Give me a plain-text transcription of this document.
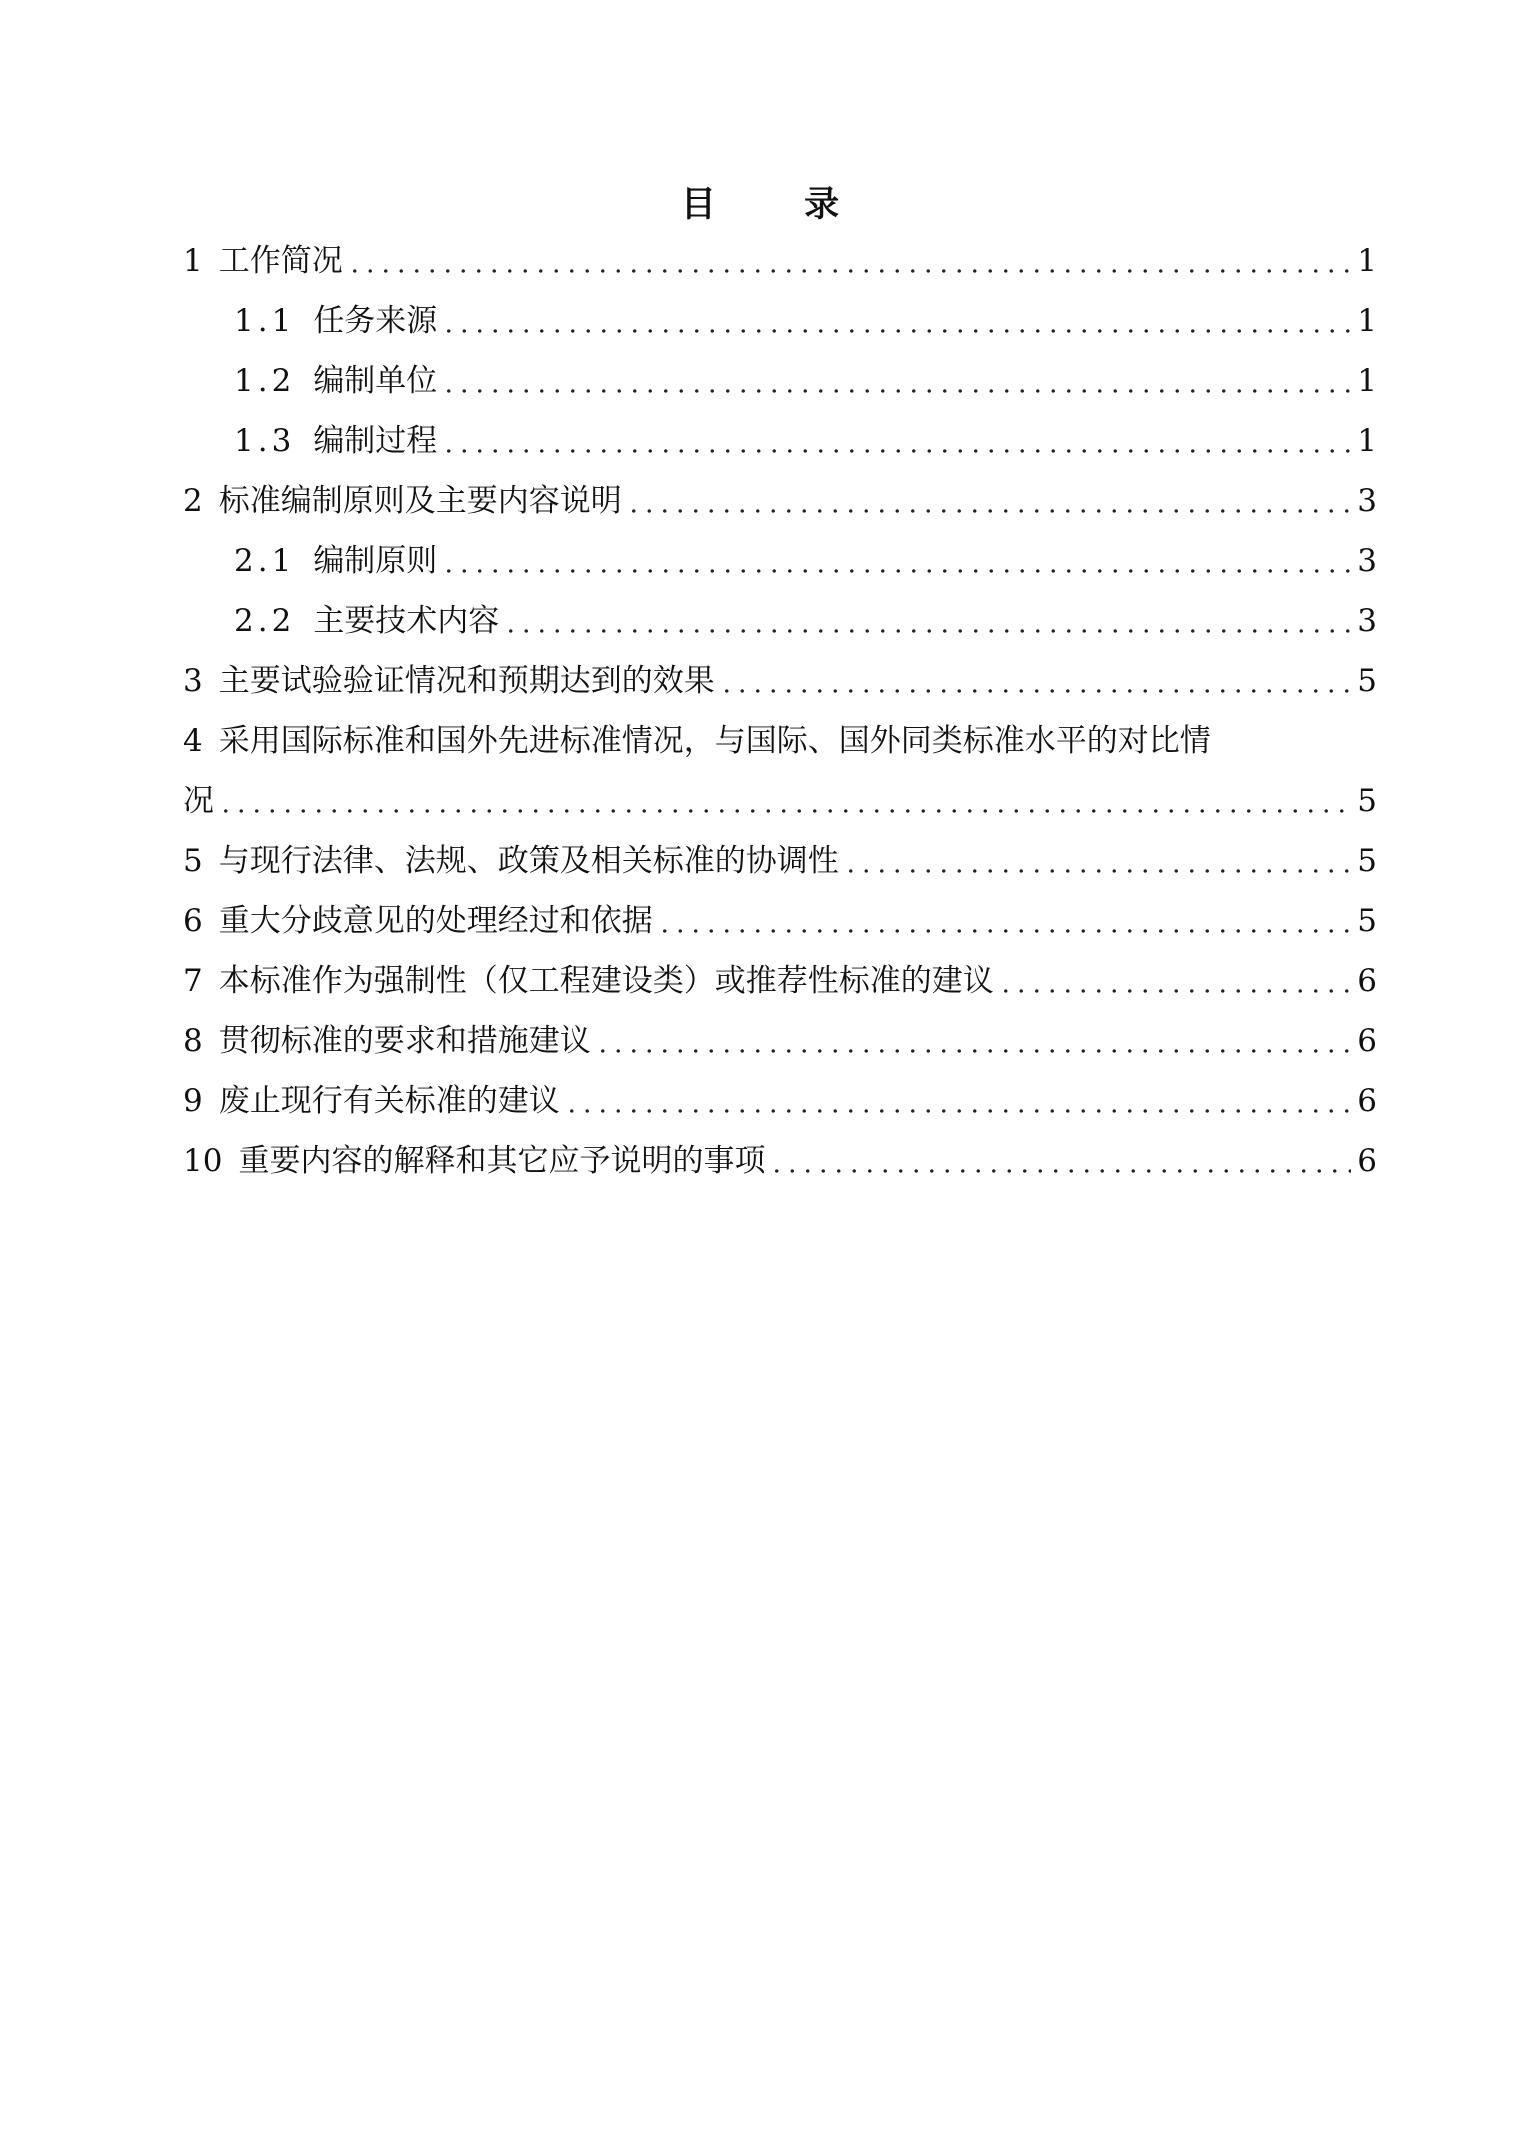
目 录
1 工作简况	1
1.1 任务来源	1
1.2 编制单位	1
1.3 编制过程	1
2 标准编制原则及主要内容说明	3
2.1 编制原则	3
2.2 主要技术内容	3
3 主要试验验证情况和预期达到的效果	5
4 采用国际标准和国外先进标准情况，与国际、国外同类标准水平的对比情
况	5
5 与现行法律、法规、政策及相关标准的协调性	5
6 重大分歧意见的处理经过和依据	5
7 本标准作为强制性（仅工程建设类）或推荐性标准的建议	6
8 贯彻标准的要求和措施建议	6
9 废止现行有关标准的建议	6
10 重要内容的解释和其它应予说明的事项	6
